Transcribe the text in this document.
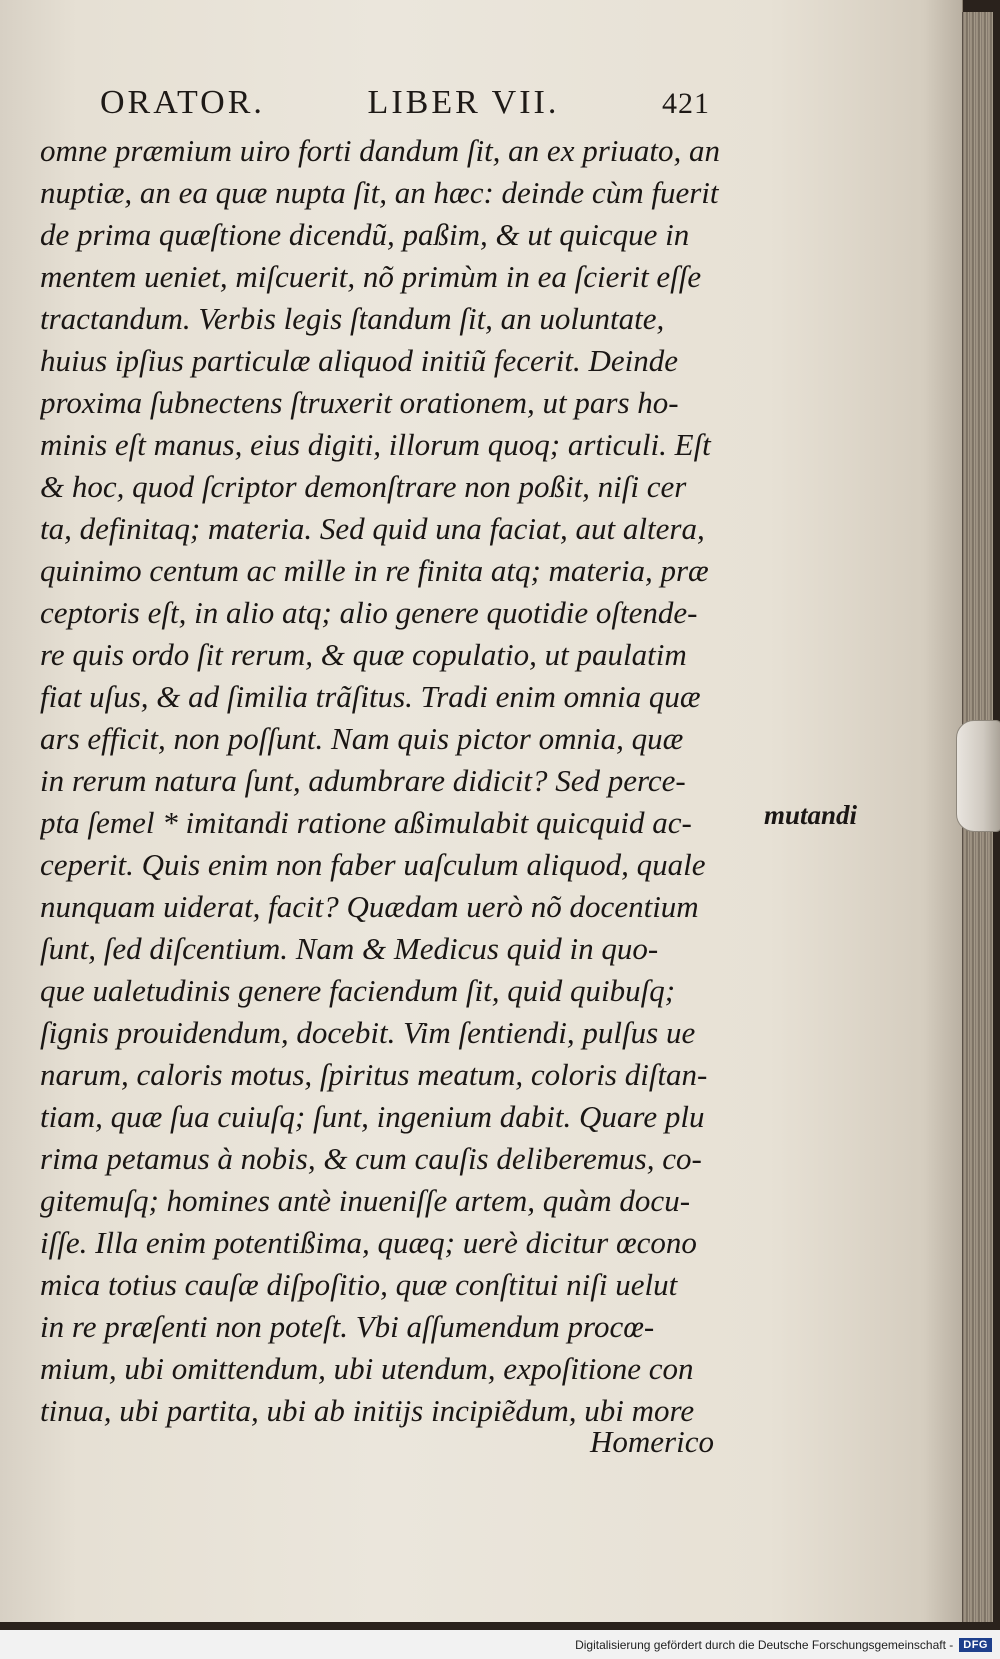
ORATOR.	LIBER VII.	421
omne præmium uiro forti dandum ſit, an ex priuato, an
nuptiæ, an ea quæ nupta ſit, an hæc: deinde cùm fuerit
de prima quæſtione dicendũ, paßim, & ut quicque in
mentem ueniet, miſcuerit, nõ primùm in ea ſcierit eſſe
tractandum. Verbis legis ſtandum ſit, an uoluntate,
huius ipſius particulæ aliquod initiũ fecerit. Deinde
proxima ſubnectens ſtruxerit orationem, ut pars ho-
minis eſt manus, eius digiti, illorum quoq; articuli. Eſt
& hoc, quod ſcriptor demonſtrare non poßit, niſi cer
ta, definitaq; materia. Sed quid una faciat, aut altera,
quinimo centum ac mille in re finita atq; materia, præ
ceptoris eſt, in alio atq; alio genere quotidie oſtende-
re quis ordo ſit rerum, & quæ copulatio, ut paulatim
fiat uſus, & ad ſimilia trãſitus. Tradi enim omnia quæ
ars efficit, non poſſunt. Nam quis pictor omnia, quæ
in rerum natura ſunt, adumbrare didicit? Sed perce-
pta ſemel * imitandi ratione aßimulabit quicquid ac-
ceperit. Quis enim non faber uaſculum aliquod, quale
nunquam uiderat, facit? Quædam uerò nõ docentium
ſunt, ſed diſcentium. Nam & Medicus quid in quo-
que ualetudinis genere faciendum ſit, quid quibuſq;
ſignis prouidendum, docebit. Vim ſentiendi, pulſus ue
narum, caloris motus, ſpiritus meatum, coloris diſtan-
tiam, quæ ſua cuiuſq; ſunt, ingenium dabit. Quare plu
rima petamus à nobis, & cum cauſis deliberemus, co-
gitemuſq; homines antè inueniſſe artem, quàm docu-
iſſe. Illa enim potentißima, quæq; uerè dicitur œcono
mica totius cauſæ diſpoſitio, quæ conſtitui niſi uelut
in re præſenti non poteſt. Vbi aſſumendum procœ-
mium, ubi omittendum, ubi utendum, expoſitione con
tinua, ubi partita, ubi ab initijs incipiẽdum, ubi more
mutandi
Homerico
Digitalisierung gefördert durch die Deutsche Forschungsgemeinschaft - DFG
